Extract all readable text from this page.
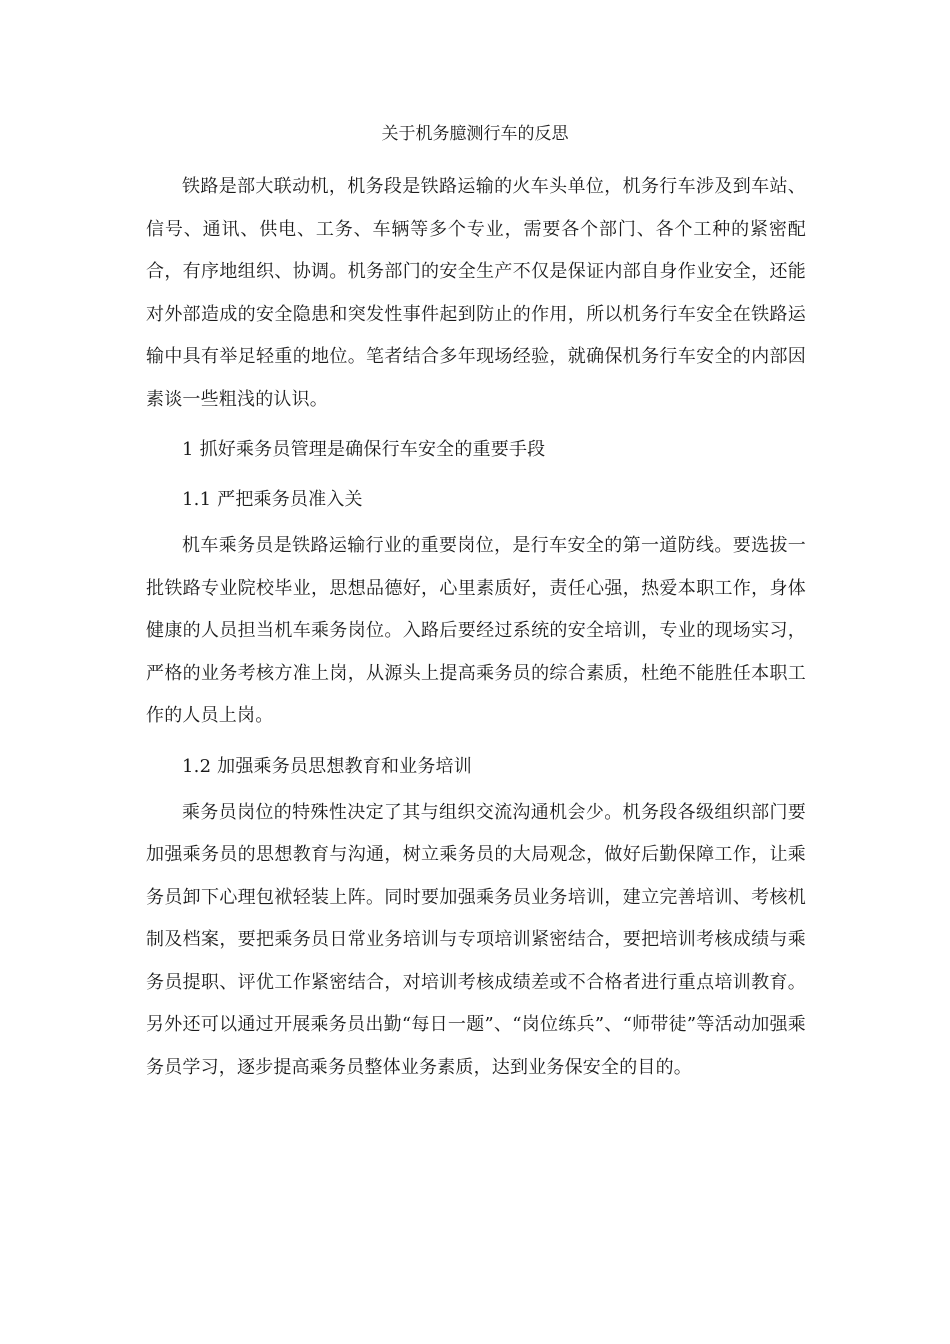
关于机务臆测行车的反思

铁路是部大联动机，机务段是铁路运输的火车头单位，机务行车涉及到车站、信号、通讯、供电、工务、车辆等多个专业，需要各个部门、各个工种的紧密配合，有序地组织、协调。机务部门的安全生产不仅是保证内部自身作业安全，还能对外部造成的安全隐患和突发性事件起到防止的作用，所以机务行车安全在铁路运输中具有举足轻重的地位。笔者结合多年现场经验，就确保机务行车安全的内部因素谈一些粗浅的认识。

1 抓好乘务员管理是确保行车安全的重要手段

1.1 严把乘务员准入关

机车乘务员是铁路运输行业的重要岗位，是行车安全的第一道防线。要选拔一批铁路专业院校毕业，思想品德好，心里素质好，责任心强，热爱本职工作，身体健康的人员担当机车乘务岗位。入路后要经过系统的安全培训，专业的现场实习，严格的业务考核方准上岗，从源头上提高乘务员的综合素质，杜绝不能胜任本职工作的人员上岗。

1.2 加强乘务员思想教育和业务培训

乘务员岗位的特殊性决定了其与组织交流沟通机会少。机务段各级组织部门要加强乘务员的思想教育与沟通，树立乘务员的大局观念，做好后勤保障工作，让乘务员卸下心理包袱轻装上阵。同时要加强乘务员业务培训，建立完善培训、考核机制及档案，要把乘务员日常业务培训与专项培训紧密结合，要把培训考核成绩与乘务员提职、评优工作紧密结合，对培训考核成绩差或不合格者进行重点培训教育。另外还可以通过开展乘务员出勤“每日一题”、“岗位练兵”、“师带徒”等活动加强乘务员学习，逐步提高乘务员整体业务素质，达到业务保安全的目的。
